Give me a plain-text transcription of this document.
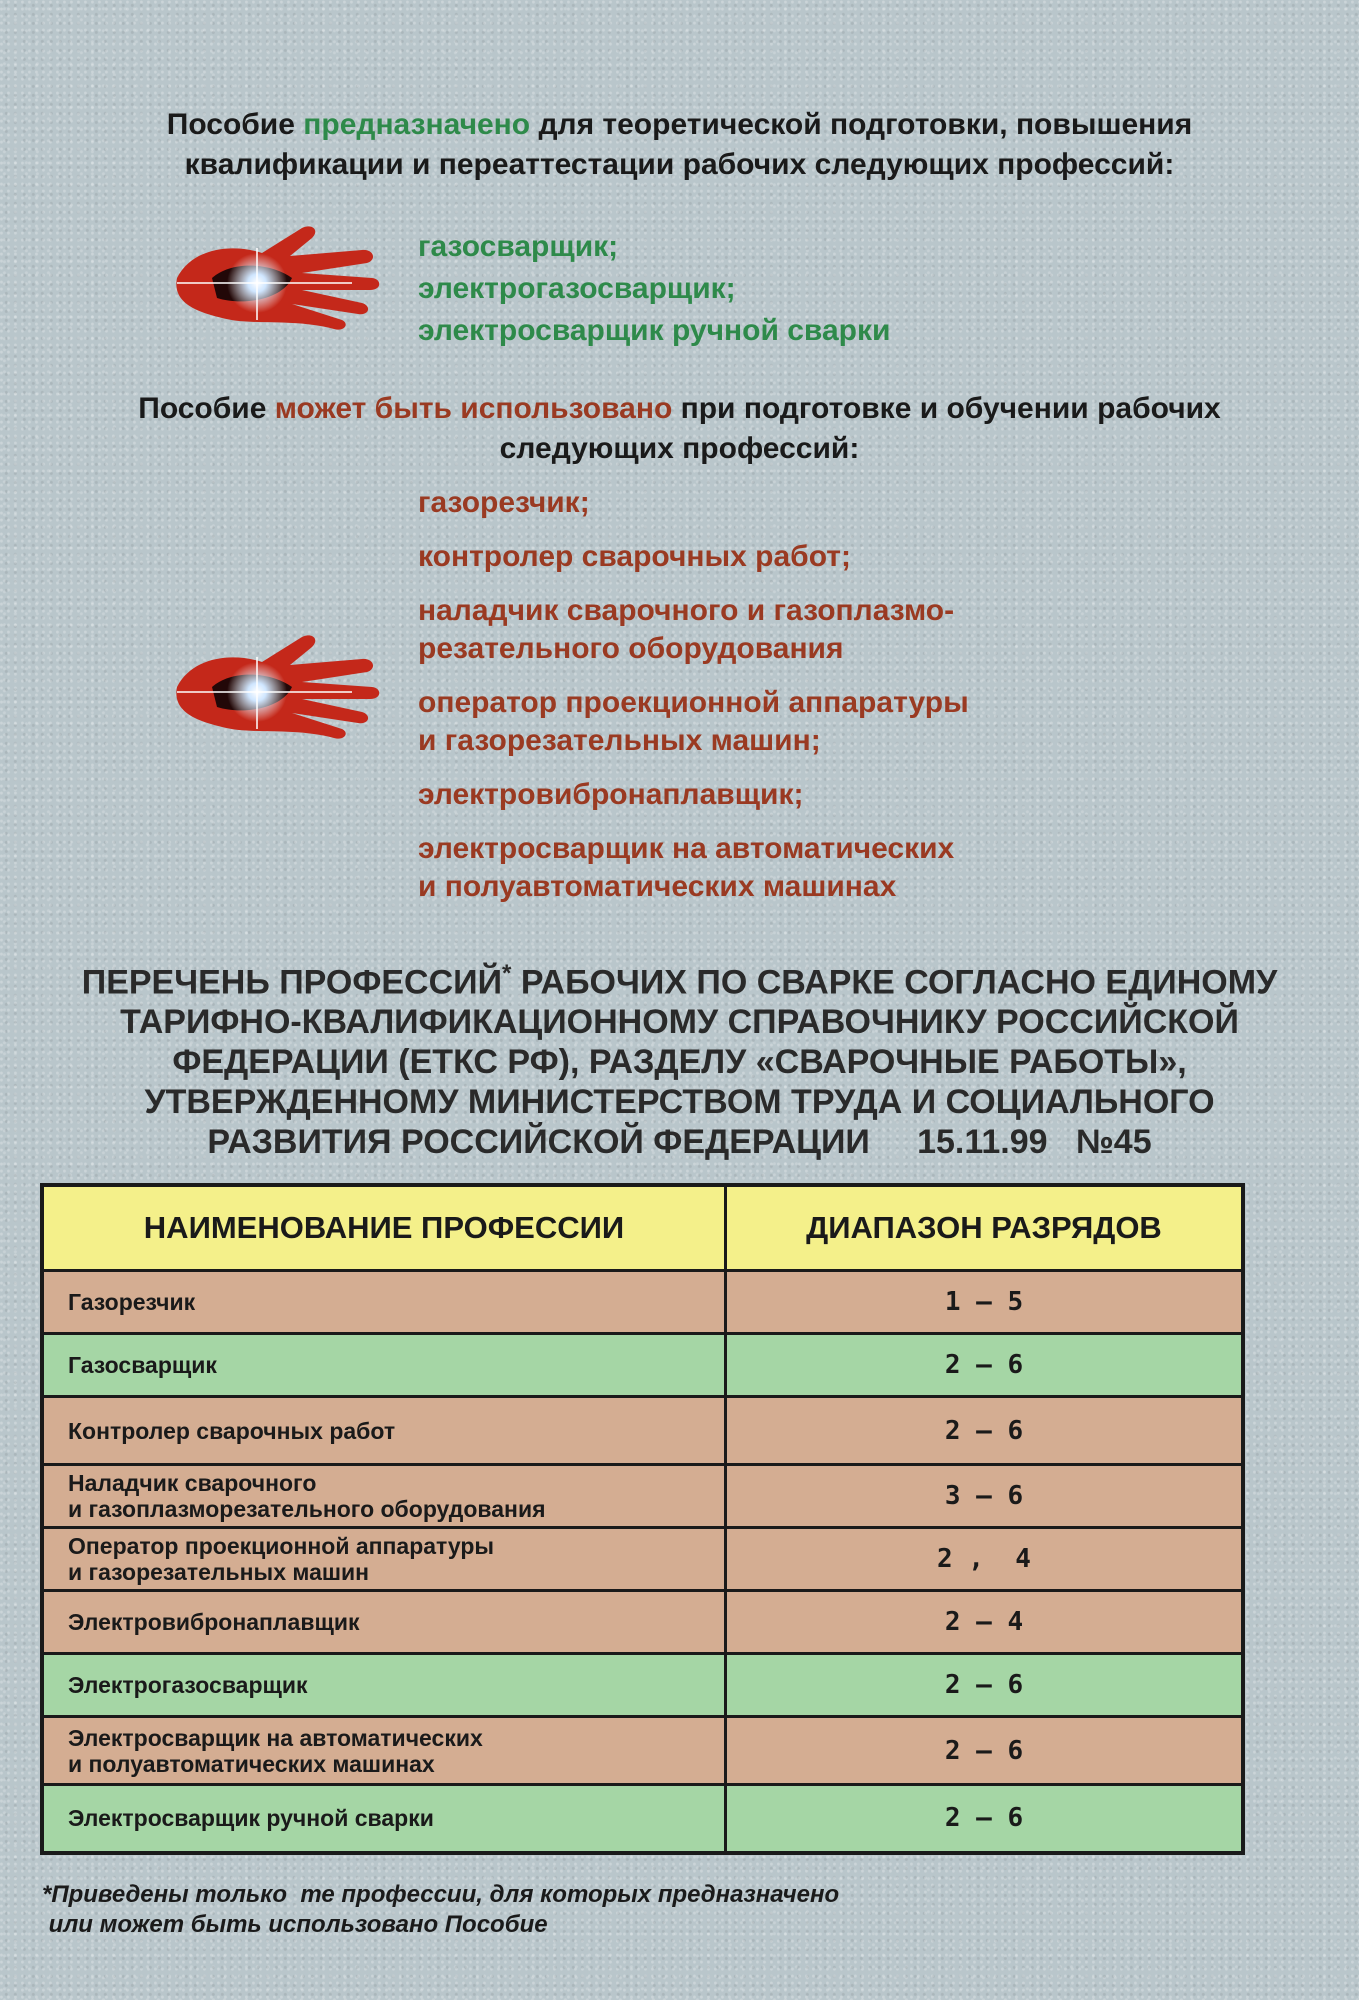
Пособие предназначено для теоретической подготовки, повышения
квалификации и переаттестации рабочих следующих профессий:
газосварщик;
электрогазосварщик;
электросварщик ручной сварки
Пособие может быть использовано при подготовке и обучении рабочих
следующих профессий:
газорезчик;
контролер сварочных работ;
наладчик сварочного и газоплазмо-
резательного оборудования
оператор проекционной аппаратуры
и газорезательных машин;
электровибронаплавщик;
электросварщик на автоматических
и полуавтоматических машинах
ПЕРЕЧЕНЬ ПРОФЕССИЙ* РАБОЧИХ ПО СВАРКЕ СОГЛАСНО ЕДИНОМУ
ТАРИФНО-КВАЛИФИКАЦИОННОМУ СПРАВОЧНИКУ РОССИЙСКОЙ
ФЕДЕРАЦИИ (ЕТКС РФ), РАЗДЕЛУ «СВАРОЧНЫЕ РАБОТЫ»,
УТВЕРЖДЕННОМУ МИНИСТЕРСТВОМ ТРУДА И СОЦИАЛЬНОГО
РАЗВИТИЯ РОССИЙСКОЙ ФЕДЕРАЦИИ     15.11.99   №45
НАИМЕНОВАНИЕ ПРОФЕССИИ	ДИАПАЗОН РАЗРЯДОВ

Газорезчик	1 – 5

Газосварщик	2 – 6

Контролер сварочных работ	2 – 6

Наладчик сварочного
и газоплазморезательного оборудования	3 – 6

Оператор проекционной аппаратуры
и газорезательных машин	2 ,  4

Электровибронаплавщик	2 – 4

Электрогазосварщик	2 – 6

Электросварщик на автоматических
и полуавтоматических машинах	2 – 6

Электросварщик ручной сварки	2 – 6
*Приведены только  те профессии, для которых предназначено
или может быть использовано Пособие
